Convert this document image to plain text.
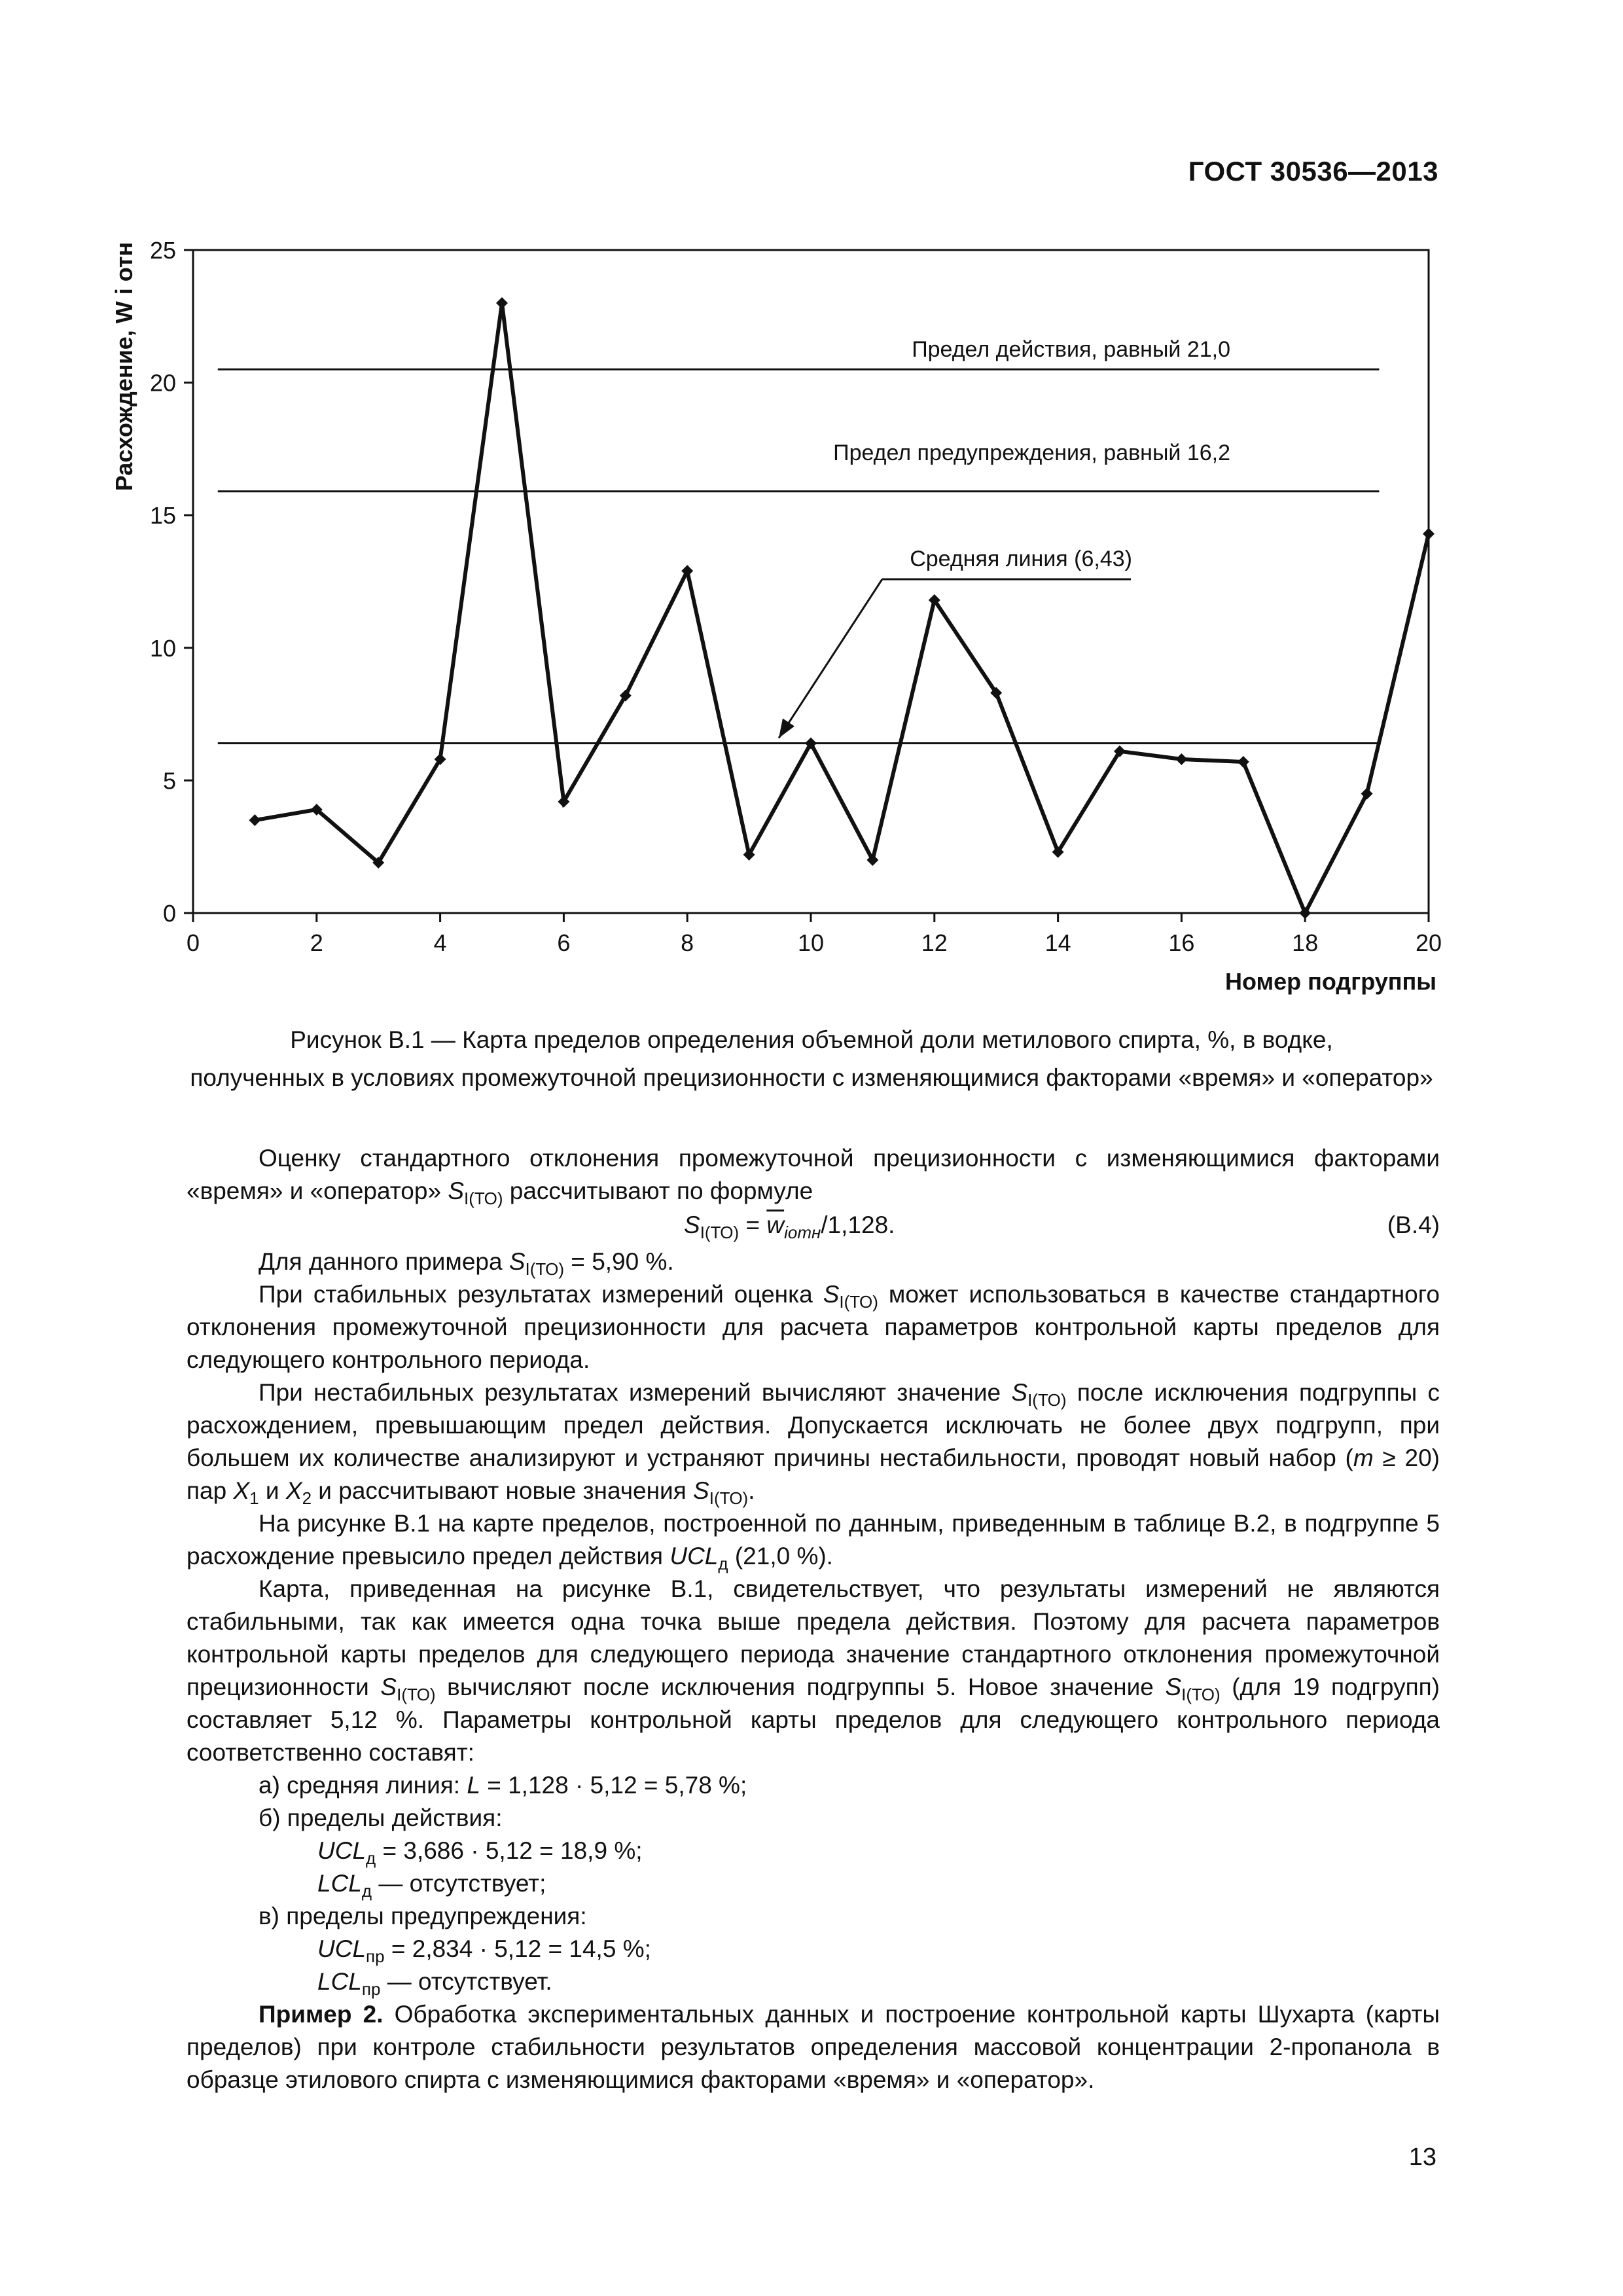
ГОСТ 30536—2013
0
5
10
15
20
25
0	2	4	6	8	10	12	14	16	18	20
Предел действия, равный 21,0
Предел предупреждения, равный 16,2
Средняя линия (6,43)
Расхождение, W i отн
Номер подгруппы
Рисунок В.1 — Карта пределов определения объемной доли метилового спирта, %, в водке,
полученных в условиях промежуточной прецизионности с изменяющимися факторами «время» и «оператор»

Оценку стандартного отклонения промежуточной прецизионности с изменяющимися факторами «время» и «оператор» $S_{I(ТО)}$ рассчитывают по формуле

$S_{I(ТО)} = \overline{w}_{iотн}/1,128$.	(В.4)

Для данного примера $S_{I(ТО)} = 5,90$ %.

При стабильных результатах измерений оценка $S_{I(ТО)}$ может использоваться в качестве стандартного отклонения промежуточной прецизионности для расчета параметров контрольной карты пределов для следующего контрольного периода.

При нестабильных результатах измерений вычисляют значение $S_{I(ТО)}$ после исключения подгруппы с расхождением, превышающим предел действия. Допускается исключать не более двух подгрупп, при большем их количестве анализируют и устраняют причины нестабильности, проводят новый набор (m ≥ 20) пар $X_1$ и $X_2$ и рассчитывают новые значения $S_{I(ТО)}$.

На рисунке В.1 на карте пределов, построенной по данным, приведенным в таблице В.2, в подгруппе 5 расхождение превысило предел действия $UCL_д$ (21,0 %).

Карта, приведенная на рисунке В.1, свидетельствует, что результаты измерений не являются стабильными, так как имеется одна точка выше предела действия. Поэтому для расчета параметров контрольной карты пределов для следующего периода значение стандартного отклонения промежуточной прецизионности $S_{I(ТО)}$ вычисляют после исключения подгруппы 5. Новое значение $S_{I(ТО)}$ (для 19 подгрупп) составляет 5,12 %. Параметры контрольной карты пределов для следующего контрольного периода соответственно составят:

а) средняя линия: L = 1,128 · 5,12 = 5,78 %;
б) пределы действия:
$UCL_д = 3,686 \cdot 5,12 = 18,9$ %;
$LCL_д$ — отсутствует;
в) пределы предупреждения:
$UCL_{пр} = 2,834 \cdot 5,12 = 14,5$ %;
$LCL_{пр}$ — отсутствует.

Пример 2. Обработка экспериментальных данных и построение контрольной карты Шухарта (карты пределов) при контроле стабильности результатов определения массовой концентрации 2-пропанола в образце этилового спирта с изменяющимися факторами «время» и «оператор».

13
